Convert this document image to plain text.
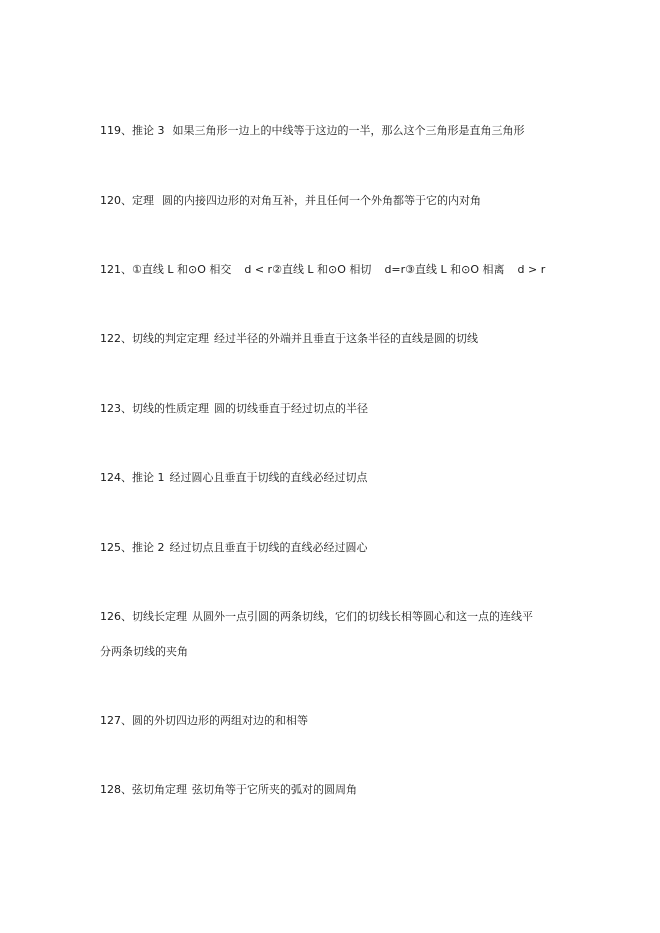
119、推论 3 如果三角形一边上的中线等于这边的一半，那么这个三角形是直角三角形
120、定理 圆的内接四边形的对角互补，并且任何一个外角都等于它的内对角
121、①直线 L 和⊙O 相交 d < r②直线 L 和⊙O 相切 d=r③直线 L 和⊙O 相离 d > r
122、切线的判定定理 经过半径的外端并且垂直于这条半径的直线是圆的切线
123、切线的性质定理 圆的切线垂直于经过切点的半径
124、推论 1 经过圆心且垂直于切线的直线必经过切点
125、推论 2 经过切点且垂直于切线的直线必经过圆心
126、切线长定理 从圆外一点引圆的两条切线，它们的切线长相等圆心和这一点的连线平
分两条切线的夹角
127、圆的外切四边形的两组对边的和相等
128、弦切角定理 弦切角等于它所夹的弧对的圆周角
